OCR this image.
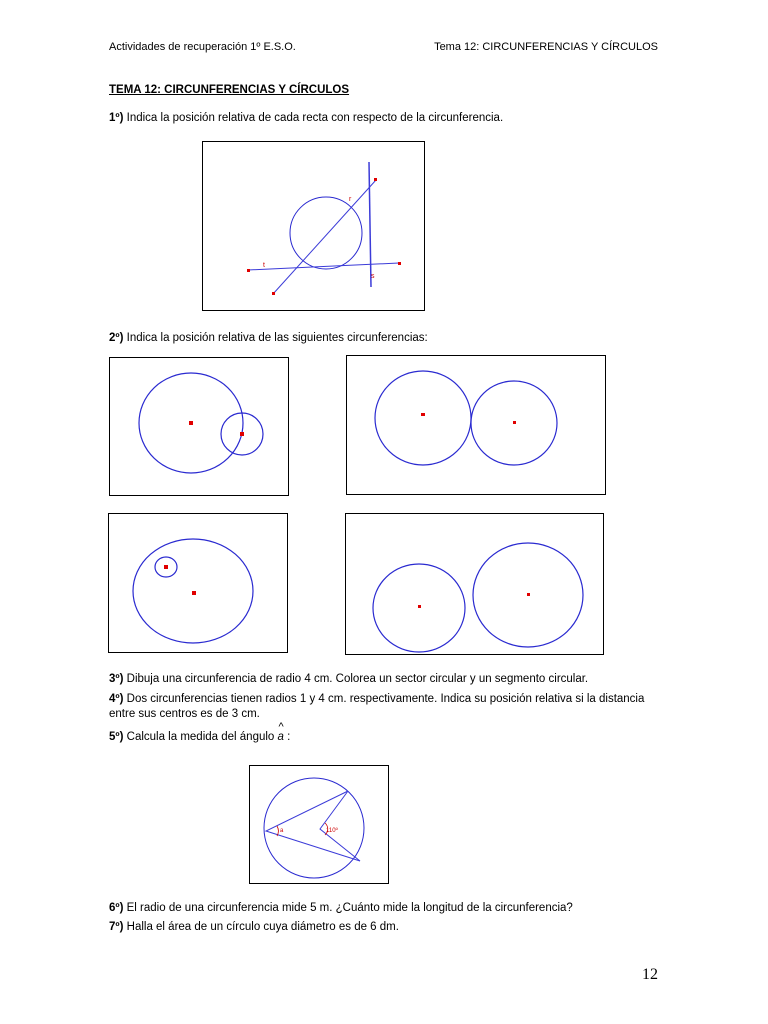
Actividades de recuperación 1º E.S.O.	Tema 12: CIRCUNFERENCIAS Y CÍRCULOS
TEMA 12: CIRCUNFERENCIAS Y CÍRCULOS
1º) Indica la posición relativa de cada recta con respecto de la circunferencia.
r
t
s
2º) Indica la posición relativa de las siguientes circunferencias:
3º) Dibuja una circunferencia de radio 4 cm. Colorea un sector circular y un segmento circular.
4º) Dos circunferencias tienen radios 1 y 4 cm. respectivamente. Indica su posición relativa si la distancia entre sus centros es de 3 cm.
5º) Calcula la medida del ángulo
^
a :
a	110º
6º) El radio de una circunferencia mide 5 m. ¿Cuánto mide la longitud de la circunferencia?
7º) Halla el área de un círculo cuya diámetro es de 6 dm.
12
